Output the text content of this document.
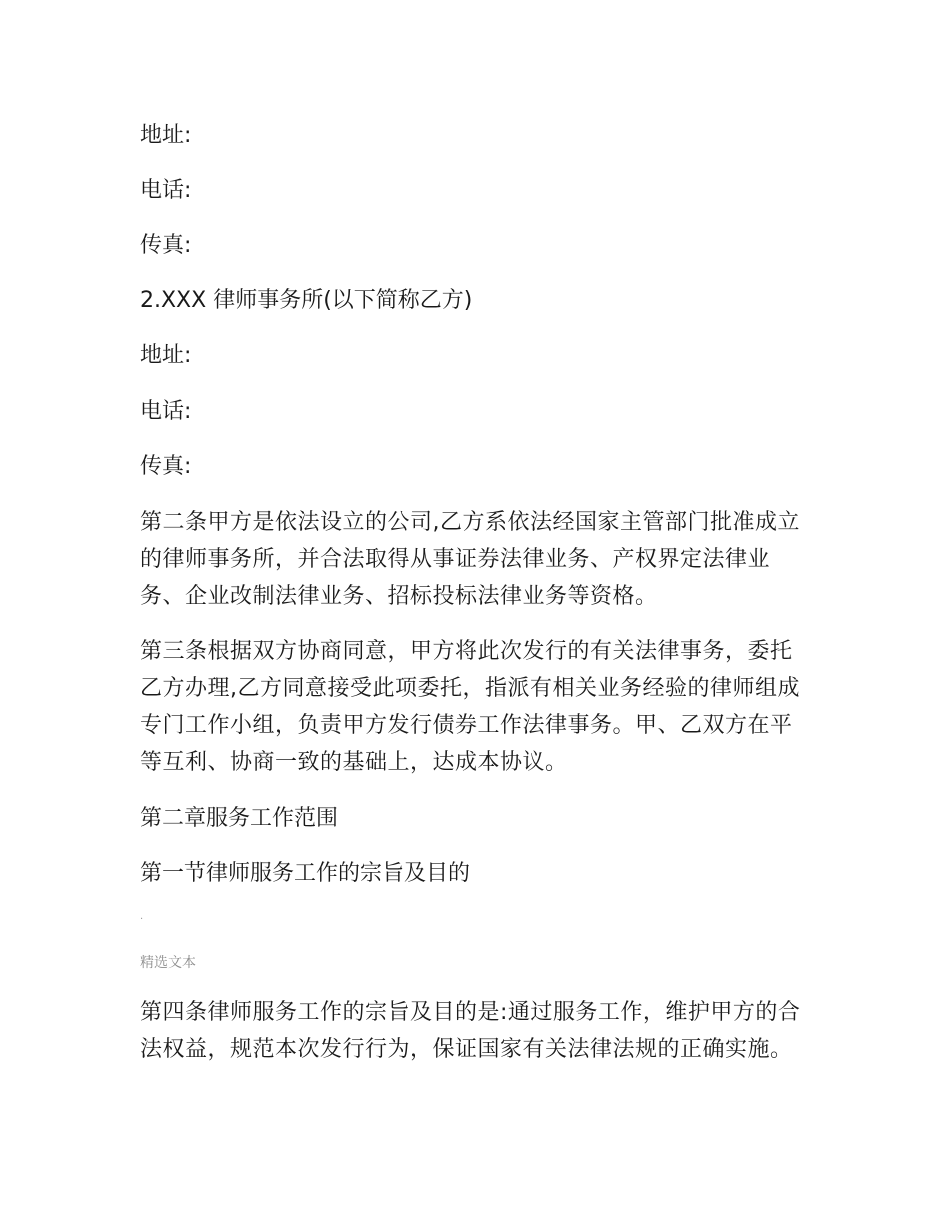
地址:

电话:

传真:

2.XXX 律师事务所(以下简称乙方)

地址:

电话:

传真:

第二条甲方是依法设立的公司,乙方系依法经国家主管部门批准成立的律师事务所，并合法取得从事证券法律业务、产权界定法律业务、企业改制法律业务、招标投标法律业务等资格。

第三条根据双方协商同意，甲方将此次发行的有关法律事务，委托乙方办理,乙方同意接受此项委托，指派有相关业务经验的律师组成专门工作小组，负责甲方发行债券工作法律事务。甲、乙双方在平等互利、协商一致的基础上，达成本协议。

第二章服务工作范围

第一节律师服务工作的宗旨及目的

·

精选文本

第四条律师服务工作的宗旨及目的是:通过服务工作，维护甲方的合法权益，规范本次发行行为，保证国家有关法律法规的正确实施。
